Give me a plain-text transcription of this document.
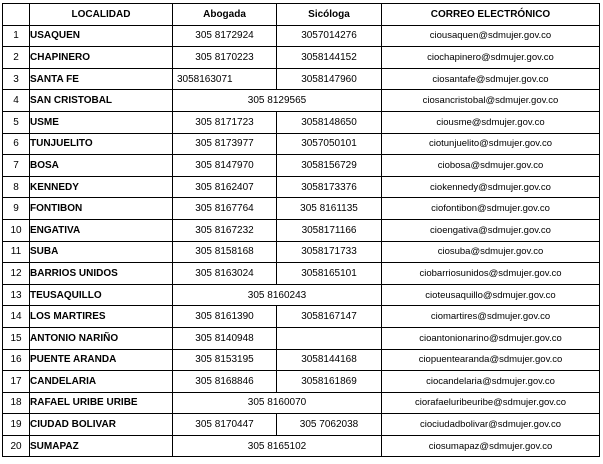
	LOCALIDAD	Abogada	Sicóloga	CORREO ELECTRÓNICO
1	USAQUEN	305 8172924	3057014276	ciousaquen@sdmujer.gov.co
2	CHAPINERO	305 8170223	3058144152	ciochapinero@sdmujer.gov.co
3	SANTA FE	3058163071	3058147960	ciosantafe@sdmujer.gov.co
4	SAN CRISTOBAL	305 8129565		ciosancristobal@sdmujer.gov.co
5	USME	305 8171723	3058148650	ciousme@sdmujer.gov.co
6	TUNJUELITO	305 8173977	3057050101	ciotunjuelito@sdmujer.gov.co
7	BOSA	305 8147970	3058156729	ciobosa@sdmujer.gov.co
8	KENNEDY	305 8162407	3058173376	ciokennedy@sdmujer.gov.co
9	FONTIBON	305 8167764	305 8161135	ciofontibon@sdmujer.gov.co
10	ENGATIVA	305 8167232	3058171166	cioengativa@sdmujer.gov.co
11	SUBA	305 8158168	3058171733	ciosuba@sdmujer.gov.co
12	BARRIOS UNIDOS	305 8163024	3058165101	ciobarriosunidos@sdmujer.gov.co
13	TEUSAQUILLO	305 8160243		cioteusaquillo@sdmujer.gov.co
14	LOS MARTIRES	305 8161390	3058167147	ciomartires@sdmujer.gov.co
15	ANTONIO NARIÑO	305 8140948		cioantonionarino@sdmujer.gov.co
16	PUENTE ARANDA	305 8153195	3058144168	ciopuentearanda@sdmujer.gov.co
17	CANDELARIA	305 8168846	3058161869	ciocandelaria@sdmujer.gov.co
18	RAFAEL URIBE URIBE	305 8160070		ciorafaeluribeuribe@sdmujer.gov.co
19	CIUDAD BOLIVAR	305 8170447	305 7062038	ciociudadbolivar@sdmujer.gov.co
20	SUMAPAZ	305 8165102		ciosumapaz@sdmujer.gov.co
